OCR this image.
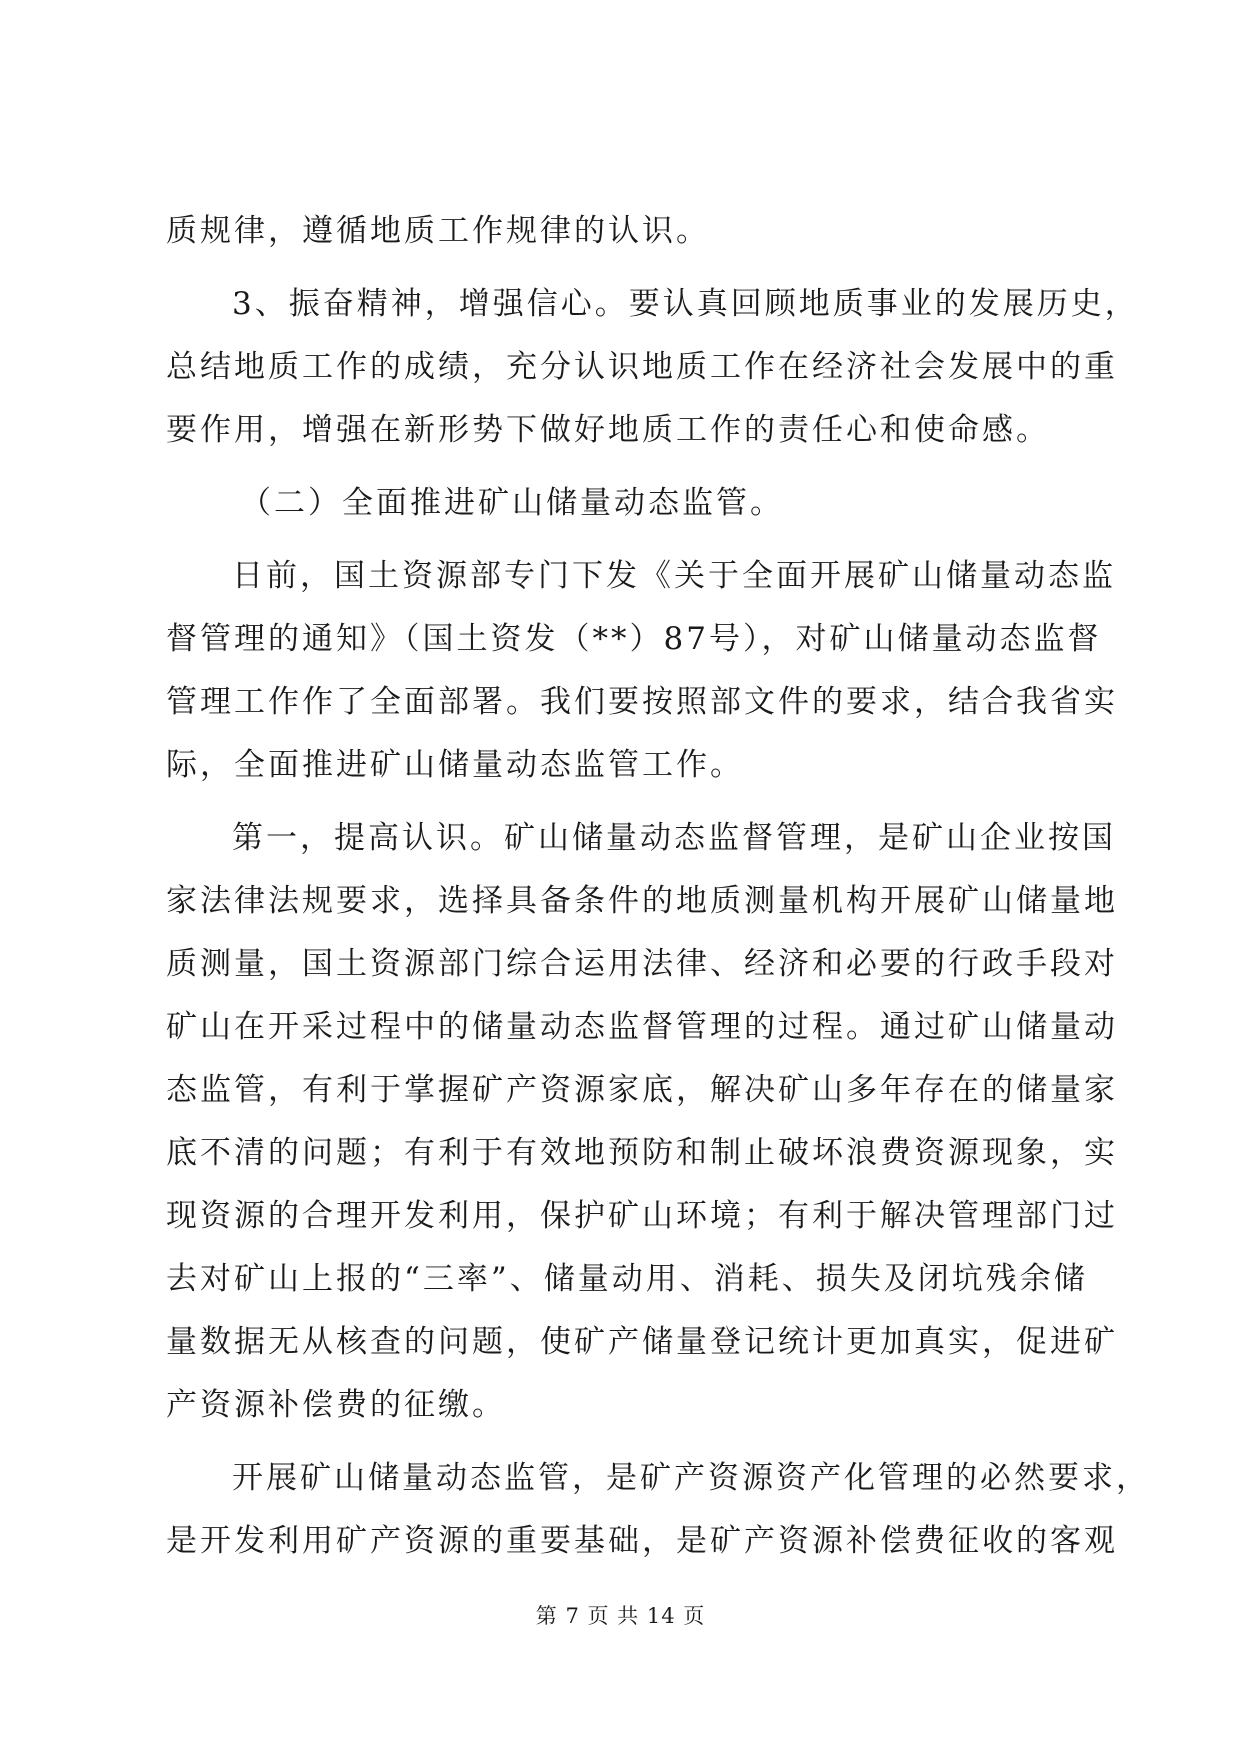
质规律，遵循地质工作规律的认识。
3、振奋精神，增强信心。要认真回顾地质事业的发展历史，
总结地质工作的成绩，充分认识地质工作在经济社会发展中的重
要作用，增强在新形势下做好地质工作的责任心和使命感。
（二）全面推进矿山储量动态监管。
日前，国土资源部专门下发《关于全面开展矿山储量动态监
督管理的通知》（国土资发（**）87号），对矿山储量动态监督
管理工作作了全面部署。我们要按照部文件的要求，结合我省实
际，全面推进矿山储量动态监管工作。
第一，提高认识。矿山储量动态监督管理，是矿山企业按国
家法律法规要求，选择具备条件的地质测量机构开展矿山储量地
质测量，国土资源部门综合运用法律、经济和必要的行政手段对
矿山在开采过程中的储量动态监督管理的过程。通过矿山储量动
态监管，有利于掌握矿产资源家底，解决矿山多年存在的储量家
底不清的问题；有利于有效地预防和制止破坏浪费资源现象，实
现资源的合理开发利用，保护矿山环境；有利于解决管理部门过
去对矿山上报的“三率”、储量动用、消耗、损失及闭坑残余储
量数据无从核查的问题，使矿产储量登记统计更加真实，促进矿
产资源补偿费的征缴。
开展矿山储量动态监管，是矿产资源资产化管理的必然要求，
是开发利用矿产资源的重要基础，是矿产资源补偿费征收的客观
第 7 页 共 14 页
